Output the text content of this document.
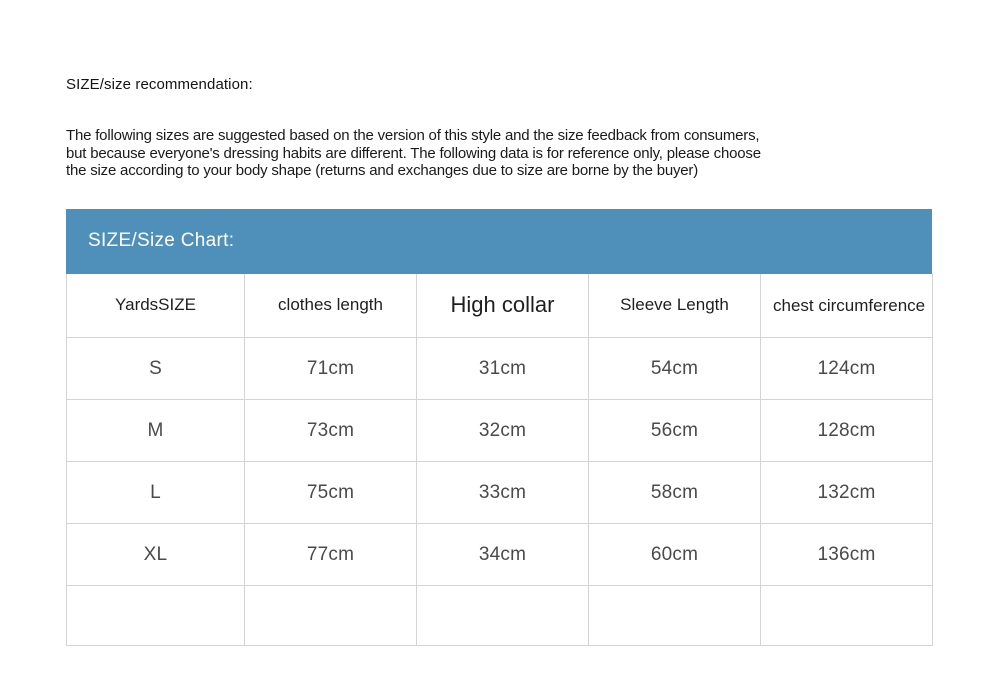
SIZE/size recommendation:
The following sizes are suggested based on the version of this style and the size feedback from consumers,
but because everyone's dressing habits are different. The following data is for reference only, please choose
the size according to your body shape (returns and exchanges due to size are borne by the buyer)
SIZE/Size Chart:
YardsSIZE	clothes length	High collar	Sleeve Length	chest circumference
S	71cm	31cm	54cm	124cm
M	73cm	32cm	56cm	128cm
L	75cm	33cm	58cm	132cm
XL	77cm	34cm	60cm	136cm
